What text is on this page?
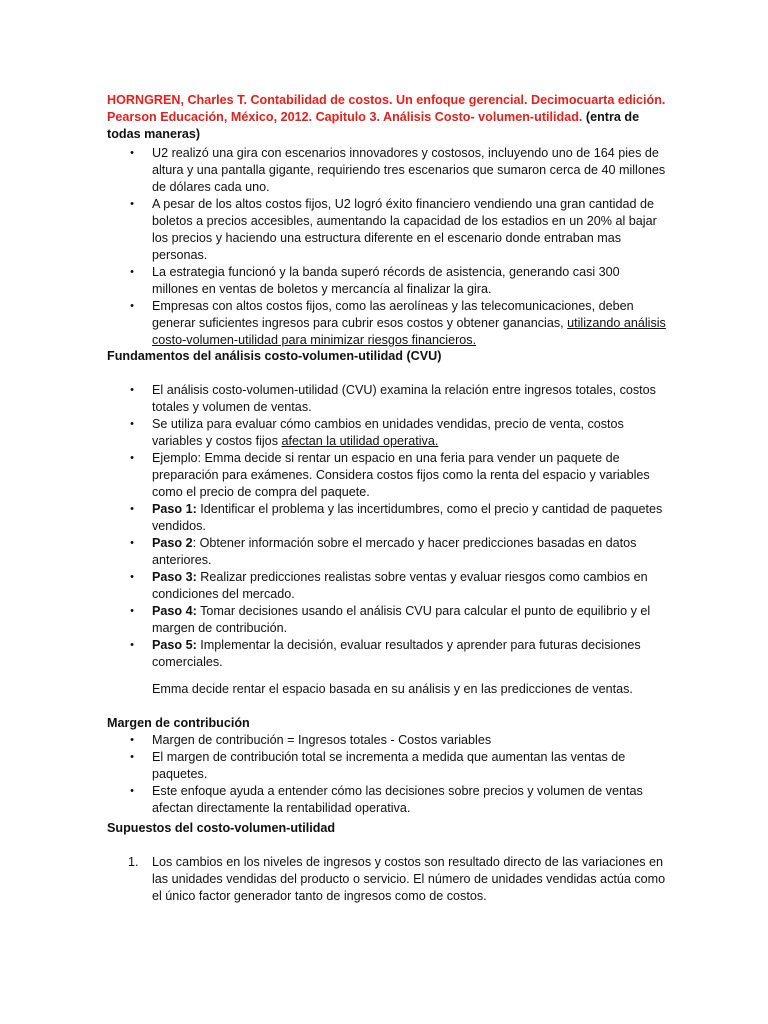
HORNGREN, Charles T. Contabilidad de costos. Un enfoque gerencial. Decimocuarta edición. Pearson Educación, México, 2012. Capitulo 3. Análisis Costo- volumen-utilidad. (entra de todas maneras)
• U2 realizó una gira con escenarios innovadores y costosos, incluyendo uno de 164 pies de altura y una pantalla gigante, requiriendo tres escenarios que sumaron cerca de 40 millones de dólares cada uno.
• A pesar de los altos costos fijos, U2 logró éxito financiero vendiendo una gran cantidad de boletos a precios accesibles, aumentando la capacidad de los estadios en un 20% al bajar los precios y haciendo una estructura diferente en el escenario donde entraban mas personas.
• La estrategia funcionó y la banda superó récords de asistencia, generando casi 300 millones en ventas de boletos y mercancía al finalizar la gira.
• Empresas con altos costos fijos, como las aerolíneas y las telecomunicaciones, deben generar suficientes ingresos para cubrir esos costos y obtener ganancias, utilizando análisis costo-volumen-utilidad para minimizar riesgos financieros.

Fundamentos del análisis costo-volumen-utilidad (CVU)

• El análisis costo-volumen-utilidad (CVU) examina la relación entre ingresos totales, costos totales y volumen de ventas.
• Se utiliza para evaluar cómo cambios en unidades vendidas, precio de venta, costos variables y costos fijos afectan la utilidad operativa.
• Ejemplo: Emma decide si rentar un espacio en una feria para vender un paquete de preparación para exámenes. Considera costos fijos como la renta del espacio y variables como el precio de compra del paquete.
• Paso 1: Identificar el problema y las incertidumbres, como el precio y cantidad de paquetes vendidos.
• Paso 2: Obtener información sobre el mercado y hacer predicciones basadas en datos anteriores.
• Paso 3: Realizar predicciones realistas sobre ventas y evaluar riesgos como cambios en condiciones del mercado.
• Paso 4: Tomar decisiones usando el análisis CVU para calcular el punto de equilibrio y el margen de contribución.
• Paso 5: Implementar la decisión, evaluar resultados y aprender para futuras decisiones comerciales.

Emma decide rentar el espacio basada en su análisis y en las predicciones de ventas.

Margen de contribución

• Margen de contribución = Ingresos totales - Costos variables
• El margen de contribución total se incrementa a medida que aumentan las ventas de paquetes.
• Este enfoque ayuda a entender cómo las decisiones sobre precios y volumen de ventas afectan directamente la rentabilidad operativa.

Supuestos del costo-volumen-utilidad

1. Los cambios en los niveles de ingresos y costos son resultado directo de las variaciones en las unidades vendidas del producto o servicio. El número de unidades vendidas actúa como el único factor generador tanto de ingresos como de costos.
